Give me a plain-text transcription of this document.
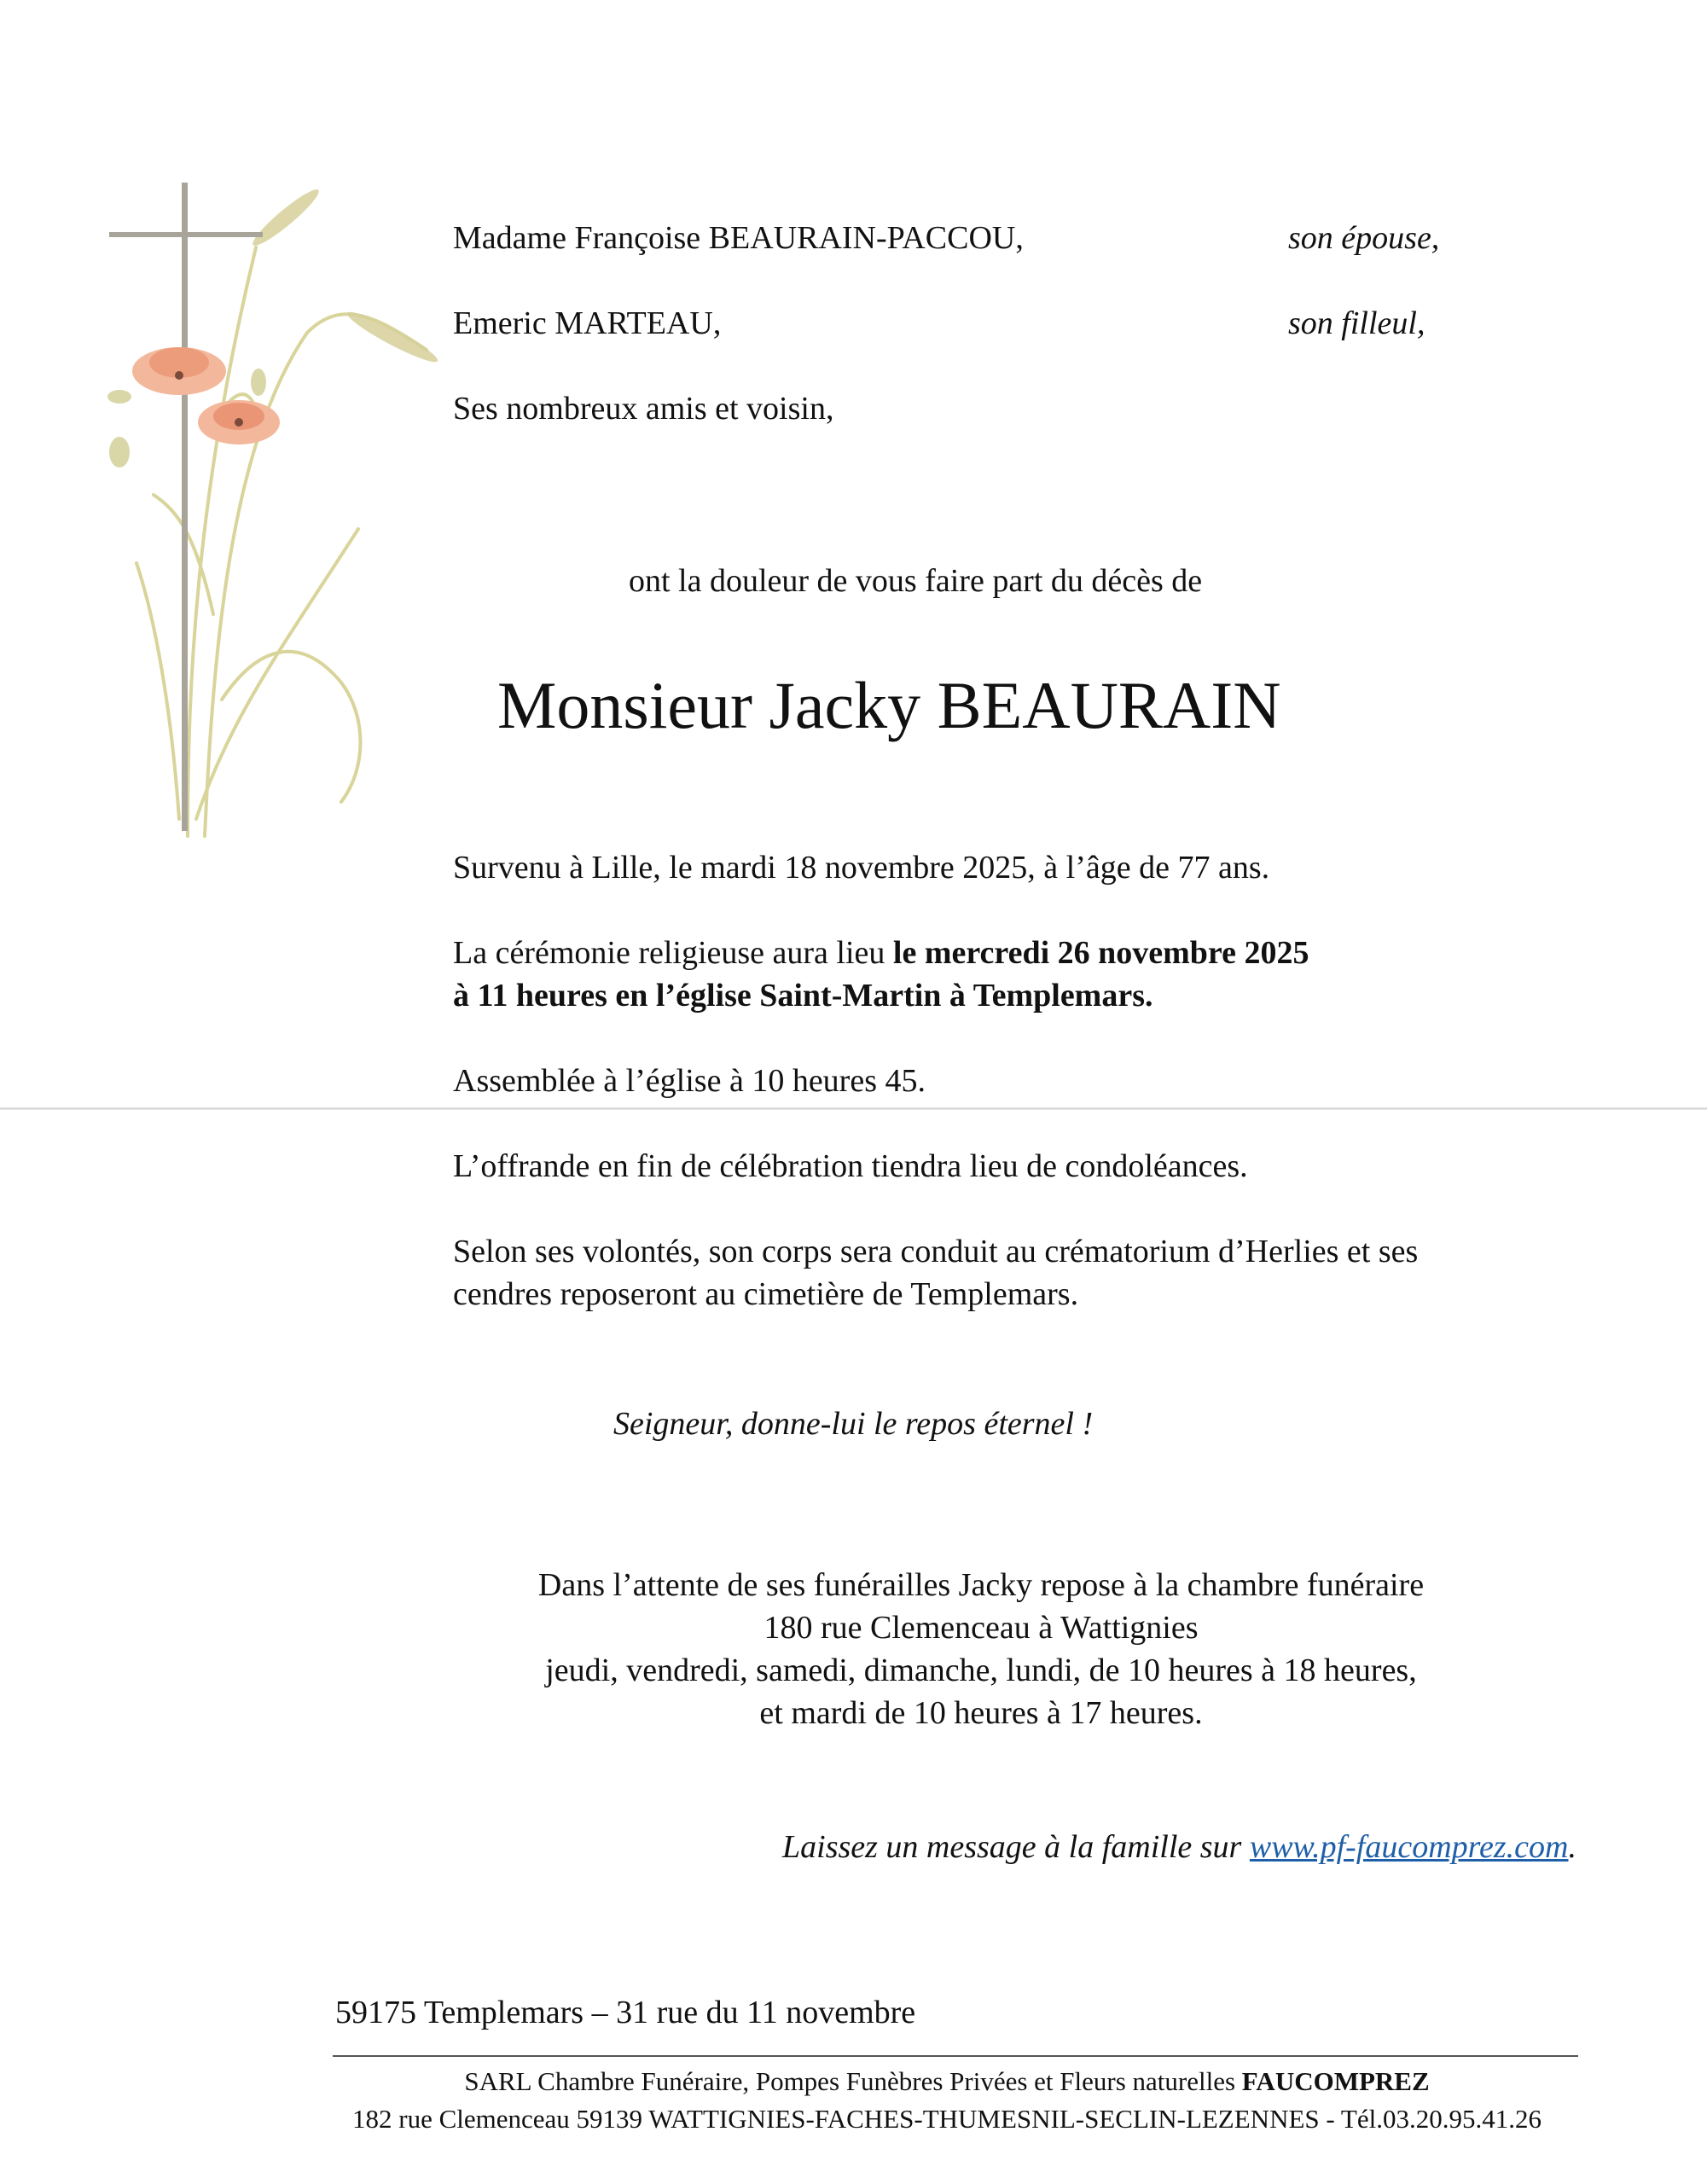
Madame Françoise BEAURAIN-PACCOU,	son épouse,
Emeric MARTEAU,	son filleul,
Ses nombreux amis et voisin,
ont la douleur de vous faire part du décès de
Monsieur Jacky BEAURAIN
Survenu à Lille, le mardi 18 novembre 2025, à l’âge de 77 ans.
La cérémonie religieuse aura lieu le mercredi 26 novembre 2025
à 11 heures en l’église Saint-Martin à Templemars.
Assemblée à l’église à 10 heures 45.
L’offrande en fin de célébration tiendra lieu de condoléances.
Selon ses volontés, son corps sera conduit au crématorium d’Herlies et ses
cendres reposeront au cimetière de Templemars.
Seigneur, donne-lui le repos éternel !
Dans l’attente de ses funérailles Jacky repose à la chambre funéraire
180 rue Clemenceau à Wattignies
jeudi, vendredi, samedi, dimanche, lundi, de 10 heures à 18 heures,
et mardi de 10 heures à 17 heures.
Laissez un message à la famille sur www.pf-faucomprez.com.
59175 Templemars – 31 rue du 11 novembre
SARL Chambre Funéraire, Pompes Funèbres Privées et Fleurs naturelles FAUCOMPREZ
182 rue Clemenceau 59139 WATTIGNIES-FACHES-THUMESNIL-SECLIN-LEZENNES - Tél.03.20.95.41.26
